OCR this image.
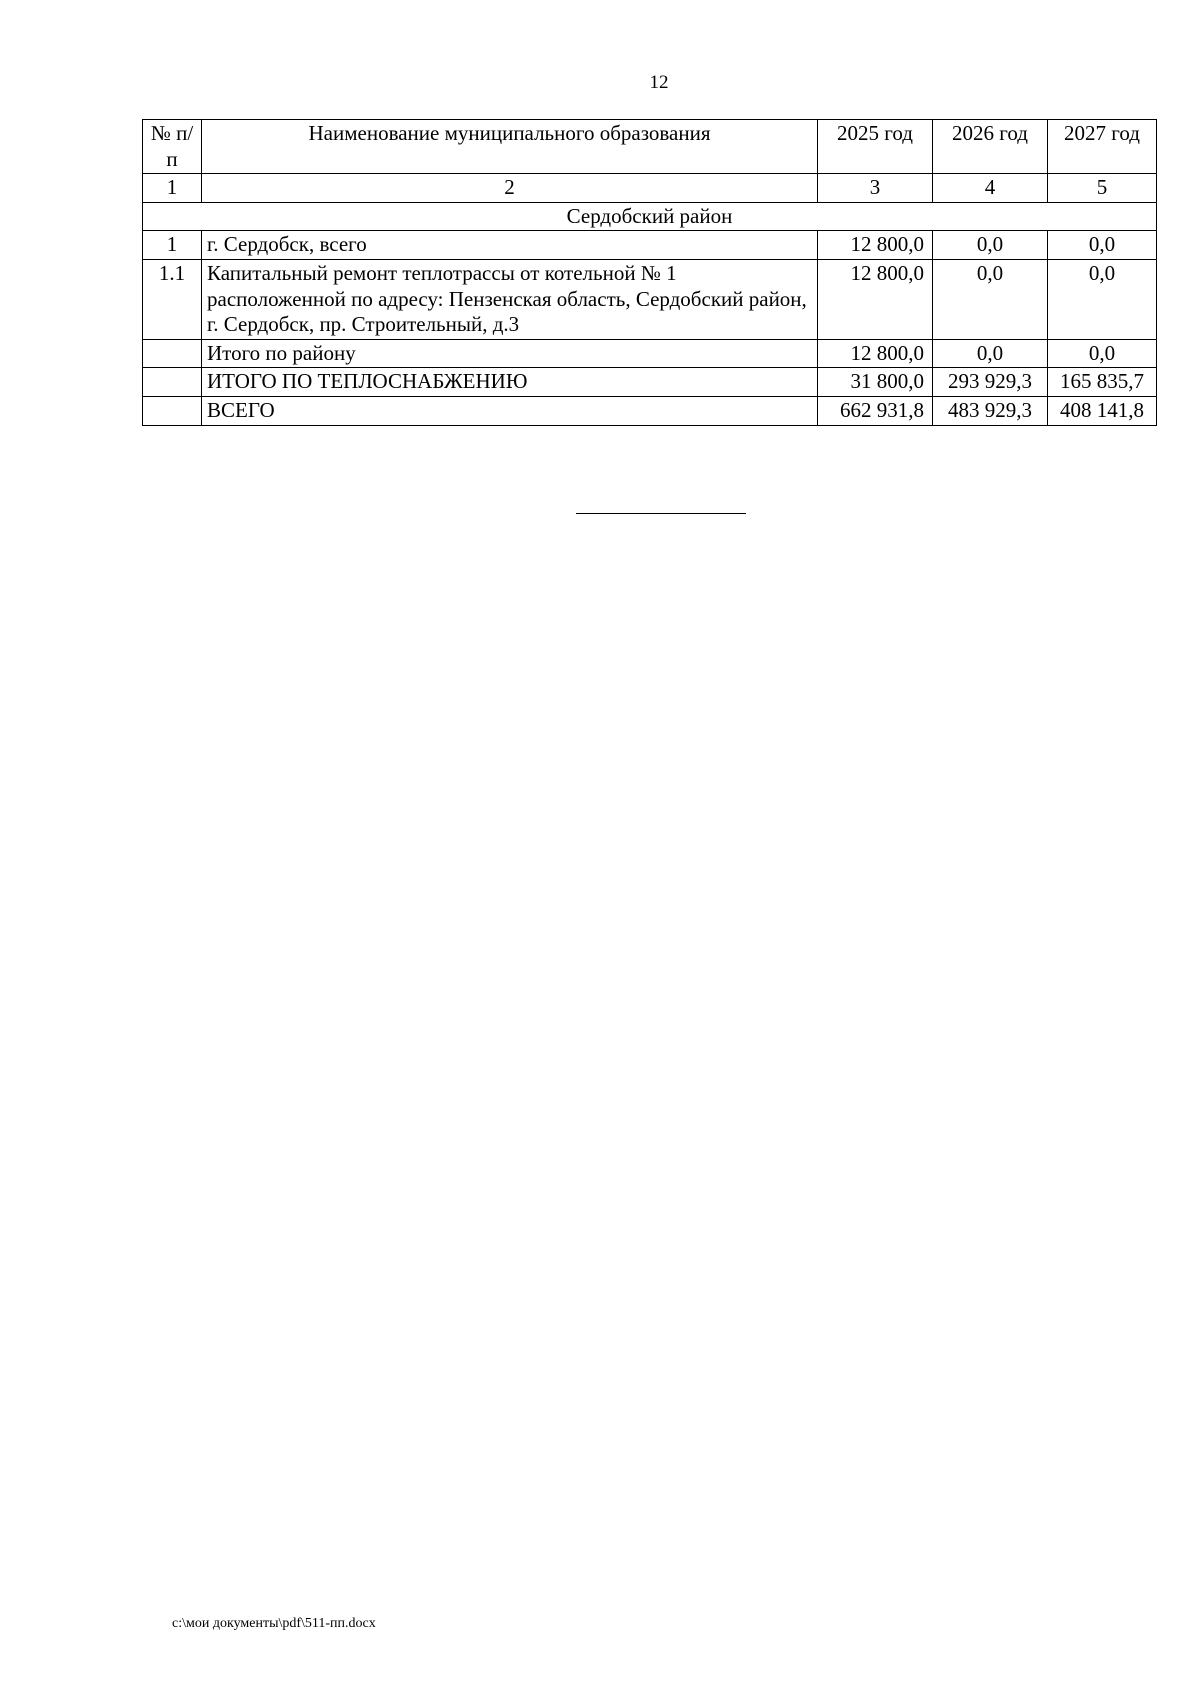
12
№ п/п	Наименование муниципального образования	2025 год	2026 год	2027 год
1	2	3	4	5
Сердобский район				
1	г. Сердобск, всего	12 800,0	0,0	0,0
1.1	Капитальный ремонт теплотрассы от котельной № 1 расположенной по адресу: Пензенская область, Сердобский район, г. Сердобск, пр. Строительный, д.3	12 800,0	0,0	0,0
	Итого по району	12 800,0	0,0	0,0
	ИТОГО ПО ТЕПЛОСНАБЖЕНИЮ	31 800,0	293 929,3	165 835,7
	ВСЕГО	662 931,8	483 929,3	408 141,8
c:\мои документы\pdf\511-пп.docx
